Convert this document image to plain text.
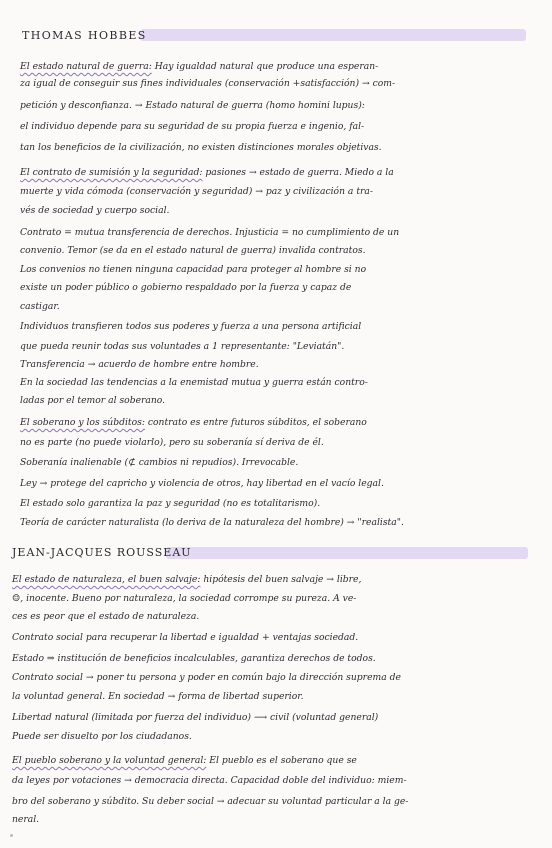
THOMAS HOBBES
El estado natural de guerra: Hay igualdad natural que produce una esperan-
za igual de conseguir sus fines individuales (conservación +satisfacción) → com-
petición y desconfianza. → Estado natural de guerra (homo homini lupus):
el individuo depende para su seguridad de su propia fuerza e ingenio, fal-
tan los beneficios de la civilización, no existen distinciones morales objetivas.
El contrato de sumisión y la seguridad: pasiones → estado de guerra. Miedo a la
muerte y vida cómoda (conservación y seguridad) → paz y civilización a tra-
vés de sociedad y cuerpo social.
Contrato = mutua transferencia de derechos. Injusticia = no cumplimiento de un
convenio. Temor (se da en el estado natural de guerra) invalida contratos.
Los convenios no tienen ninguna capacidad para proteger al hombre si no
existe un poder público o gobierno respaldado por la fuerza y capaz de
castigar.
Individuos transfieren todos sus poderes y fuerza a una persona artificial
que pueda reunir todas sus voluntades a 1 representante: "Leviatán".
Transferencia → acuerdo de hombre entre hombre.
En la sociedad las tendencias a la enemistad mutua y guerra están contro-
ladas por el temor al soberano.
El soberano y los súbditos: contrato es entre futuros súbditos, el soberano
no es parte (no puede violarlo), pero su soberanía sí deriva de él.
Soberanía inalienable (⊄ cambios ni repudios). Irrevocable.
Ley → protege del capricho y violencia de otros, hay libertad en el vacío legal.
El estado solo garantiza la paz y seguridad (no es totalitarismo).
Teoría de carácter naturalista (lo deriva de la naturaleza del hombre) → "realista".
JEAN-JACQUES ROUSSEAU
El estado de naturaleza, el buen salvaje: hipótesis del buen salvaje → libre,
☺, inocente. Bueno por naturaleza, la sociedad corrompe su pureza. A ve-
ces es peor que el estado de naturaleza.
Contrato social para recuperar la libertad e igualdad + ventajas sociedad.
Estado ⇒ institución de beneficios incalculables, garantiza derechos de todos.
Contrato social → poner tu persona y poder en común bajo la dirección suprema de
la voluntad general. En sociedad → forma de libertad superior.
Libertad natural (limitada por fuerza del individuo) ⟶ civil (voluntad general)
Puede ser disuelto por los ciudadanos.
El pueblo soberano y la voluntad general: El pueblo es el soberano que se
da leyes por votaciones → democracia directa. Capacidad doble del individuo: miem-
bro del soberano y súbdito. Su deber social → adecuar su voluntad particular a la ge-
neral.
